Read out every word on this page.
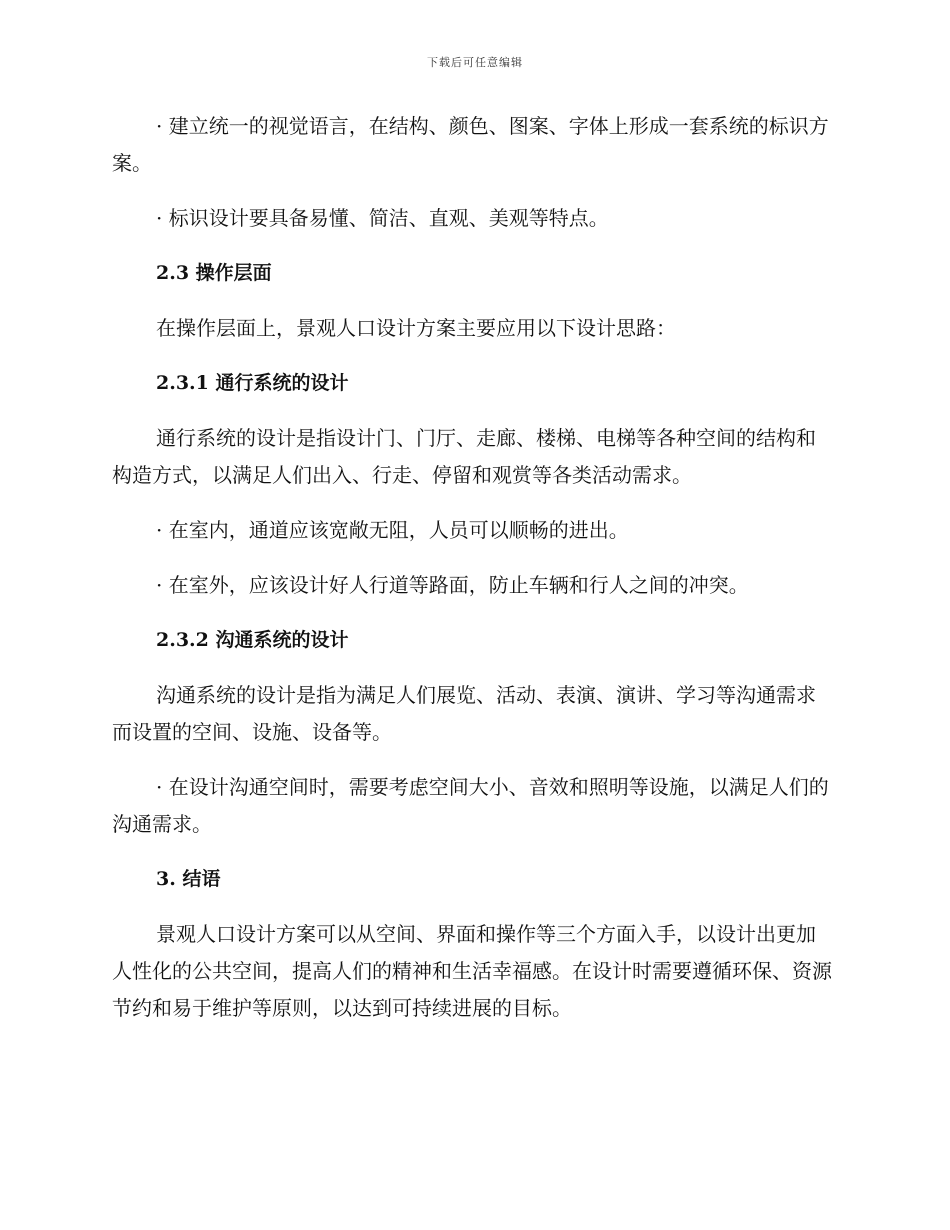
下载后可任意编辑

· 建立统一的视觉语言，在结构、颜色、图案、字体上形成一套系统的标识方案。

· 标识设计要具备易懂、简洁、直观、美观等特点。

2.3 操作层面

在操作层面上，景观人口设计方案主要应用以下设计思路：

2.3.1 通行系统的设计

通行系统的设计是指设计门、门厅、走廊、楼梯、电梯等各种空间的结构和构造方式，以满足人们出入、行走、停留和观赏等各类活动需求。

· 在室内，通道应该宽敞无阻，人员可以顺畅的进出。

· 在室外，应该设计好人行道等路面，防止车辆和行人之间的冲突。

2.3.2 沟通系统的设计

沟通系统的设计是指为满足人们展览、活动、表演、演讲、学习等沟通需求而设置的空间、设施、设备等。

· 在设计沟通空间时，需要考虑空间大小、音效和照明等设施，以满足人们的沟通需求。

3. 结语

景观人口设计方案可以从空间、界面和操作等三个方面入手，以设计出更加人性化的公共空间，提高人们的精神和生活幸福感。在设计时需要遵循环保、资源节约和易于维护等原则，以达到可持续进展的目标。
